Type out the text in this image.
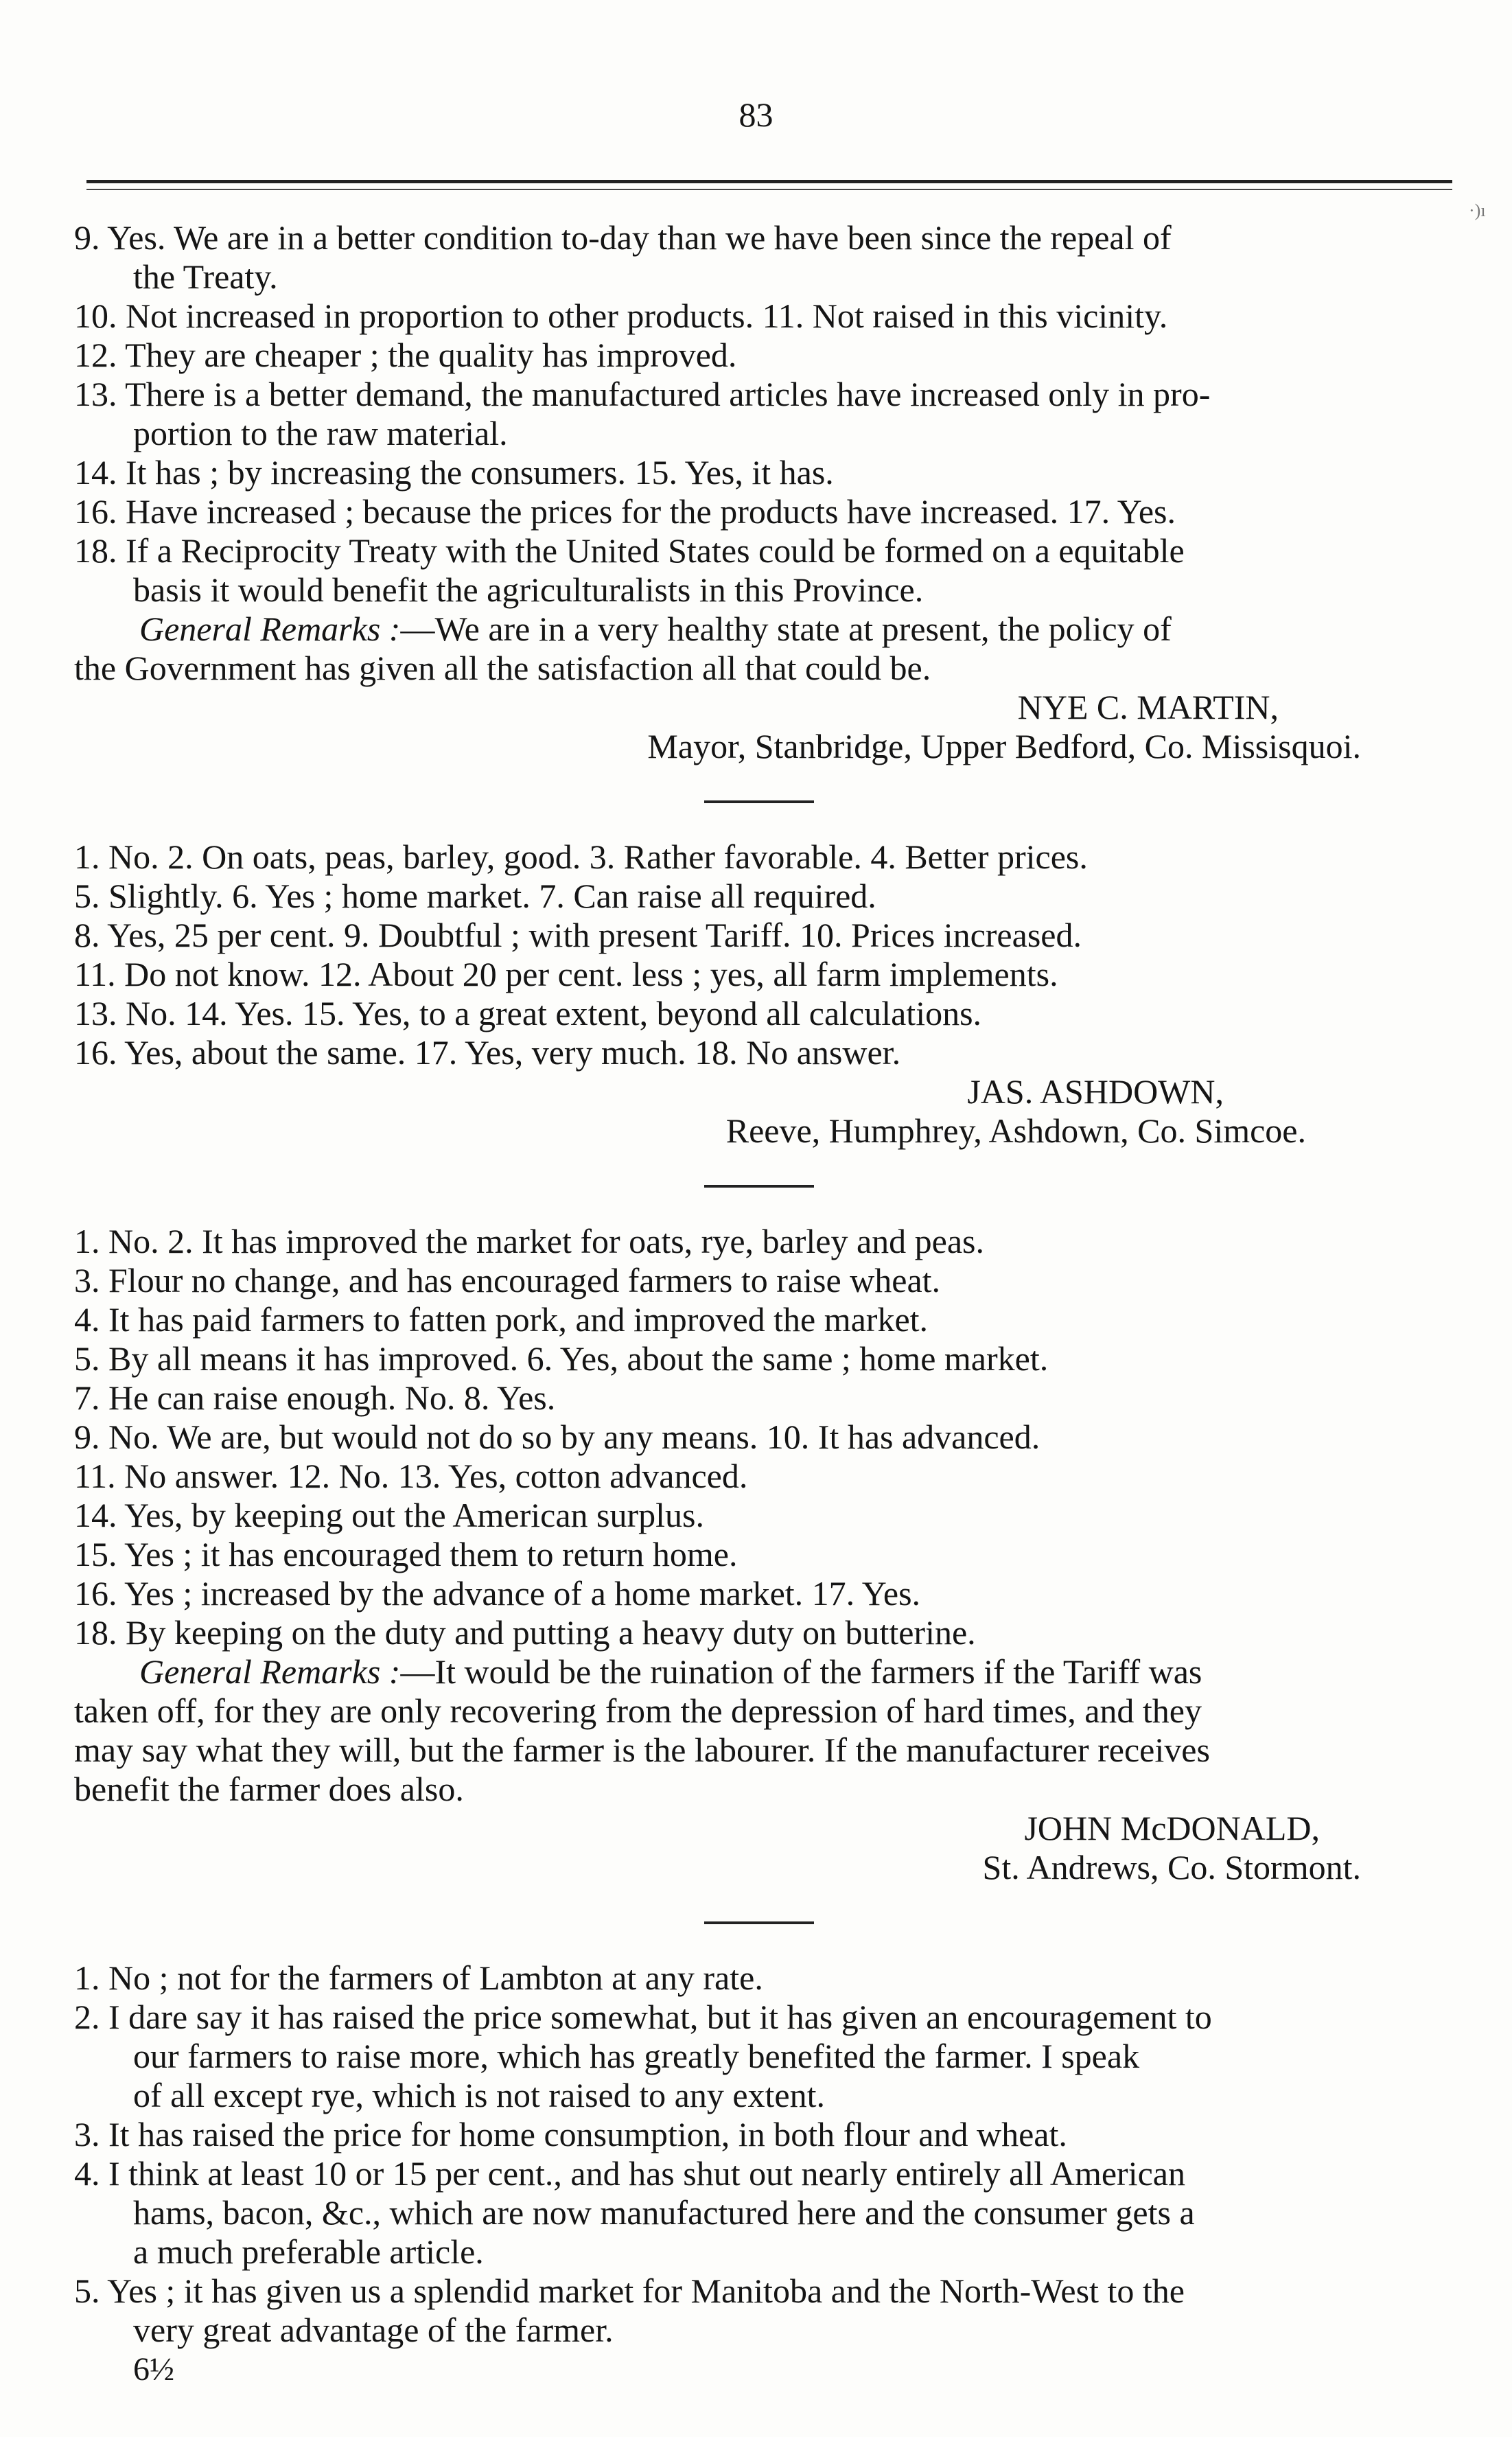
83
·)ı
9. Yes. We are in a better condition to-day than we have been since the repeal of
the Treaty.
10. Not increased in proportion to other products. 11. Not raised in this vicinity.
12. They are cheaper ; the quality has improved.
13. There is a better demand, the manufactured articles have increased only in pro-
portion to the raw material.
14. It has ; by increasing the consumers. 15. Yes, it has.
16. Have increased ; because the prices for the products have increased. 17. Yes.
18. If a Reciprocity Treaty with the United States could be formed on a equitable
basis it would benefit the agriculturalists in this Province.
General Remarks :—We are in a very healthy state at present, the policy of
the Government has given all the satisfaction all that could be.
NYE C. MARTIN,
Mayor, Stanbridge, Upper Bedford, Co. Missisquoi.
1. No. 2. On oats, peas, barley, good. 3. Rather favorable. 4. Better prices.
5. Slightly. 6. Yes ; home market. 7. Can raise all required.
8. Yes, 25 per cent. 9. Doubtful ; with present Tariff. 10. Prices increased.
11. Do not know. 12. About 20 per cent. less ; yes, all farm implements.
13. No. 14. Yes. 15. Yes, to a great extent, beyond all calculations.
16. Yes, about the same. 17. Yes, very much. 18. No answer.
JAS. ASHDOWN,
Reeve, Humphrey, Ashdown, Co. Simcoe.
1. No. 2. It has improved the market for oats, rye, barley and peas.
3. Flour no change, and has encouraged farmers to raise wheat.
4. It has paid farmers to fatten pork, and improved the market.
5. By all means it has improved. 6. Yes, about the same ; home market.
7. He can raise enough. No. 8. Yes.
9. No. We are, but would not do so by any means. 10. It has advanced.
11. No answer. 12. No. 13. Yes, cotton advanced.
14. Yes, by keeping out the American surplus.
15. Yes ; it has encouraged them to return home.
16. Yes ; increased by the advance of a home market. 17. Yes.
18. By keeping on the duty and putting a heavy duty on butterine.
General Remarks :—It would be the ruination of the farmers if the Tariff was
taken off, for they are only recovering from the depression of hard times, and they
may say what they will, but the farmer is the labourer. If the manufacturer receives
benefit the farmer does also.
JOHN McDONALD,
St. Andrews, Co. Stormont.
1. No ; not for the farmers of Lambton at any rate.
2. I dare say it has raised the price somewhat, but it has given an encouragement to
our farmers to raise more, which has greatly benefited the farmer. I speak
of all except rye, which is not raised to any extent.
3. It has raised the price for home consumption, in both flour and wheat.
4. I think at least 10 or 15 per cent., and has shut out nearly entirely all American
hams, bacon, &c., which are now manufactured here and the consumer gets a
a much preferable article.
5. Yes ; it has given us a splendid market for Manitoba and the North-West to the
very great advantage of the farmer.
6½
